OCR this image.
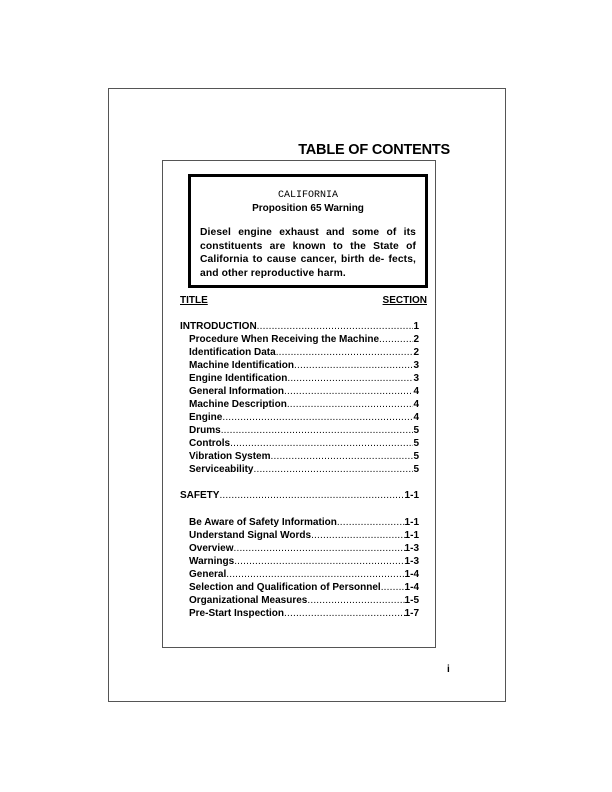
TABLE OF CONTENTS
CALIFORNIA
Proposition 65 Warning
Diesel engine exhaust and some of its constituents are known to the State of California to cause cancer, birth de- fects, and other reproductive harm.
TITLE	SECTION
INTRODUCTION .....	1
Procedure When Receiving the Machine .....	2
Identification Data .....	2
Machine Identification .....	3
Engine Identification .....	3
General Information .....	4
Machine Description .....	4
Engine .....	4
Drums .....	5
Controls .....	5
Vibration System .....	5
Serviceability .....	5
SAFETY .....	1-1
Be Aware of Safety Information .....	1-1
Understand Signal Words .....	1-1
Overview .....	1-3
Warnings .....	1-3
General .....	1-4
Selection and Qualification of Personnel ..... 1-4
Organizational Measures .....	1-5
Pre-Start Inspection .....	1-7
i
